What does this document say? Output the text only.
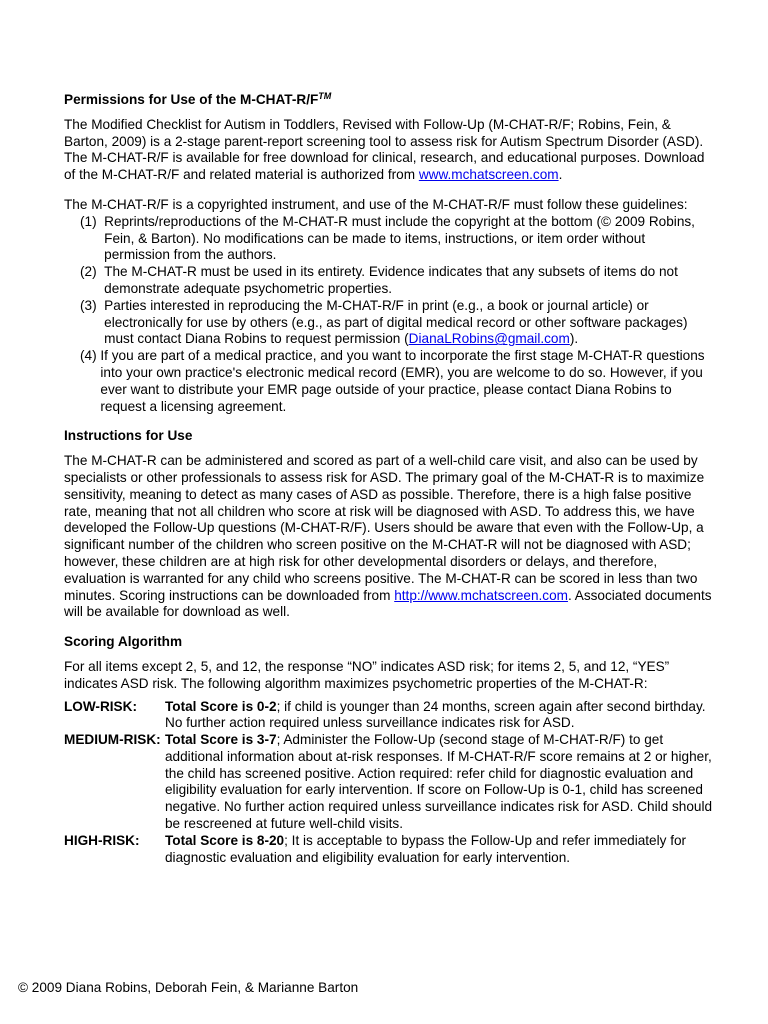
Permissions for Use of the M-CHAT-R/F™

The Modified Checklist for Autism in Toddlers, Revised with Follow-Up (M-CHAT-R/F; Robins, Fein, & Barton, 2009) is a 2-stage parent-report screening tool to assess risk for Autism Spectrum Disorder (ASD). The M-CHAT-R/F is available for free download for clinical, research, and educational purposes. Download of the M-CHAT-R/F and related material is authorized from www.mchatscreen.com.

The M-CHAT-R/F is a copyrighted instrument, and use of the M-CHAT-R/F must follow these guidelines:

(1) Reprints/reproductions of the M-CHAT-R must include the copyright at the bottom (© 2009 Robins, Fein, & Barton). No modifications can be made to items, instructions, or item order without permission from the authors.
(2) The M-CHAT-R must be used in its entirety. Evidence indicates that any subsets of items do not demonstrate adequate psychometric properties.
(3) Parties interested in reproducing the M-CHAT-R/F in print (e.g., a book or journal article) or electronically for use by others (e.g., as part of digital medical record or other software packages) must contact Diana Robins to request permission (DianaLRobins@gmail.com).
(4) If you are part of a medical practice, and you want to incorporate the first stage M-CHAT-R questions into your own practice's electronic medical record (EMR), you are welcome to do so. However, if you ever want to distribute your EMR page outside of your practice, please contact Diana Robins to request a licensing agreement.
Instructions for Use

The M-CHAT-R can be administered and scored as part of a well-child care visit, and also can be used by specialists or other professionals to assess risk for ASD. The primary goal of the M-CHAT-R is to maximize sensitivity, meaning to detect as many cases of ASD as possible. Therefore, there is a high false positive rate, meaning that not all children who score at risk will be diagnosed with ASD. To address this, we have developed the Follow-Up questions (M-CHAT-R/F). Users should be aware that even with the Follow-Up, a significant number of the children who screen positive on the M-CHAT-R will not be diagnosed with ASD; however, these children are at high risk for other developmental disorders or delays, and therefore, evaluation is warranted for any child who screens positive. The M-CHAT-R can be scored in less than two minutes. Scoring instructions can be downloaded from http://www.mchatscreen.com. Associated documents will be available for download as well.

Scoring Algorithm

For all items except 2, 5, and 12, the response “NO” indicates ASD risk; for items 2, 5, and 12, “YES” indicates ASD risk. The following algorithm maximizes psychometric properties of the M-CHAT-R:

LOW-RISK:	Total Score is 0-2; if child is younger than 24 months, screen again after second birthday. No further action required unless surveillance indicates risk for ASD.
MEDIUM-RISK: Total Score is 3-7; Administer the Follow-Up (second stage of M-CHAT-R/F) to get additional information about at-risk responses. If M-CHAT-R/F score remains at 2 or higher, the child has screened positive. Action required: refer child for diagnostic evaluation and eligibility evaluation for early intervention. If score on Follow-Up is 0-1, child has screened negative. No further action required unless surveillance indicates risk for ASD. Child should be rescreened at future well-child visits.
HIGH-RISK:	Total Score is 8-20; It is acceptable to bypass the Follow-Up and refer immediately for diagnostic evaluation and eligibility evaluation for early intervention.
© 2009 Diana Robins, Deborah Fein, & Marianne Barton
